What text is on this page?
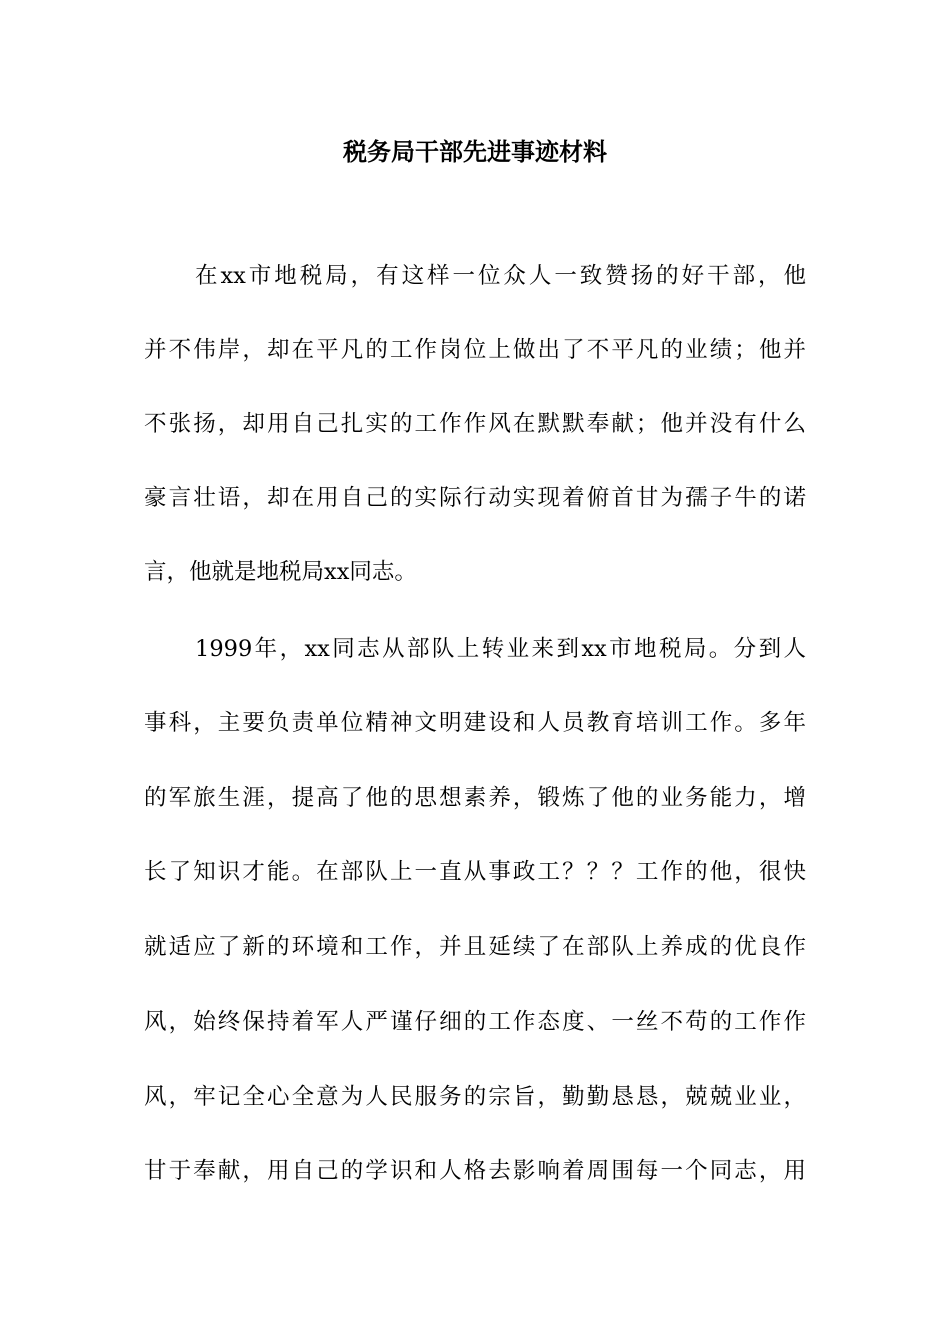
税务局干部先进事迹材料
在xx市地税局，有这样一位众人一致赞扬的好干部，他
并不伟岸，却在平凡的工作岗位上做出了不平凡的业绩；他并
不张扬，却用自己扎实的工作作风在默默奉献；他并没有什么
豪言壮语，却在用自己的实际行动实现着俯首甘为孺子牛的诺
言，他就是地税局xx同志。
1999年，xx同志从部队上转业来到xx市地税局。分到人
事科，主要负责单位精神文明建设和人员教育培训工作。多年
的军旅生涯，提高了他的思想素养，锻炼了他的业务能力，增
长了知识才能。在部队上一直从事政工？？？工作的他，很快
就适应了新的环境和工作，并且延续了在部队上养成的优良作
风，始终保持着军人严谨仔细的工作态度、一丝不苟的工作作
风，牢记全心全意为人民服务的宗旨，勤勤恳恳，兢兢业业，
甘于奉献，用自己的学识和人格去影响着周围每一个同志，用
